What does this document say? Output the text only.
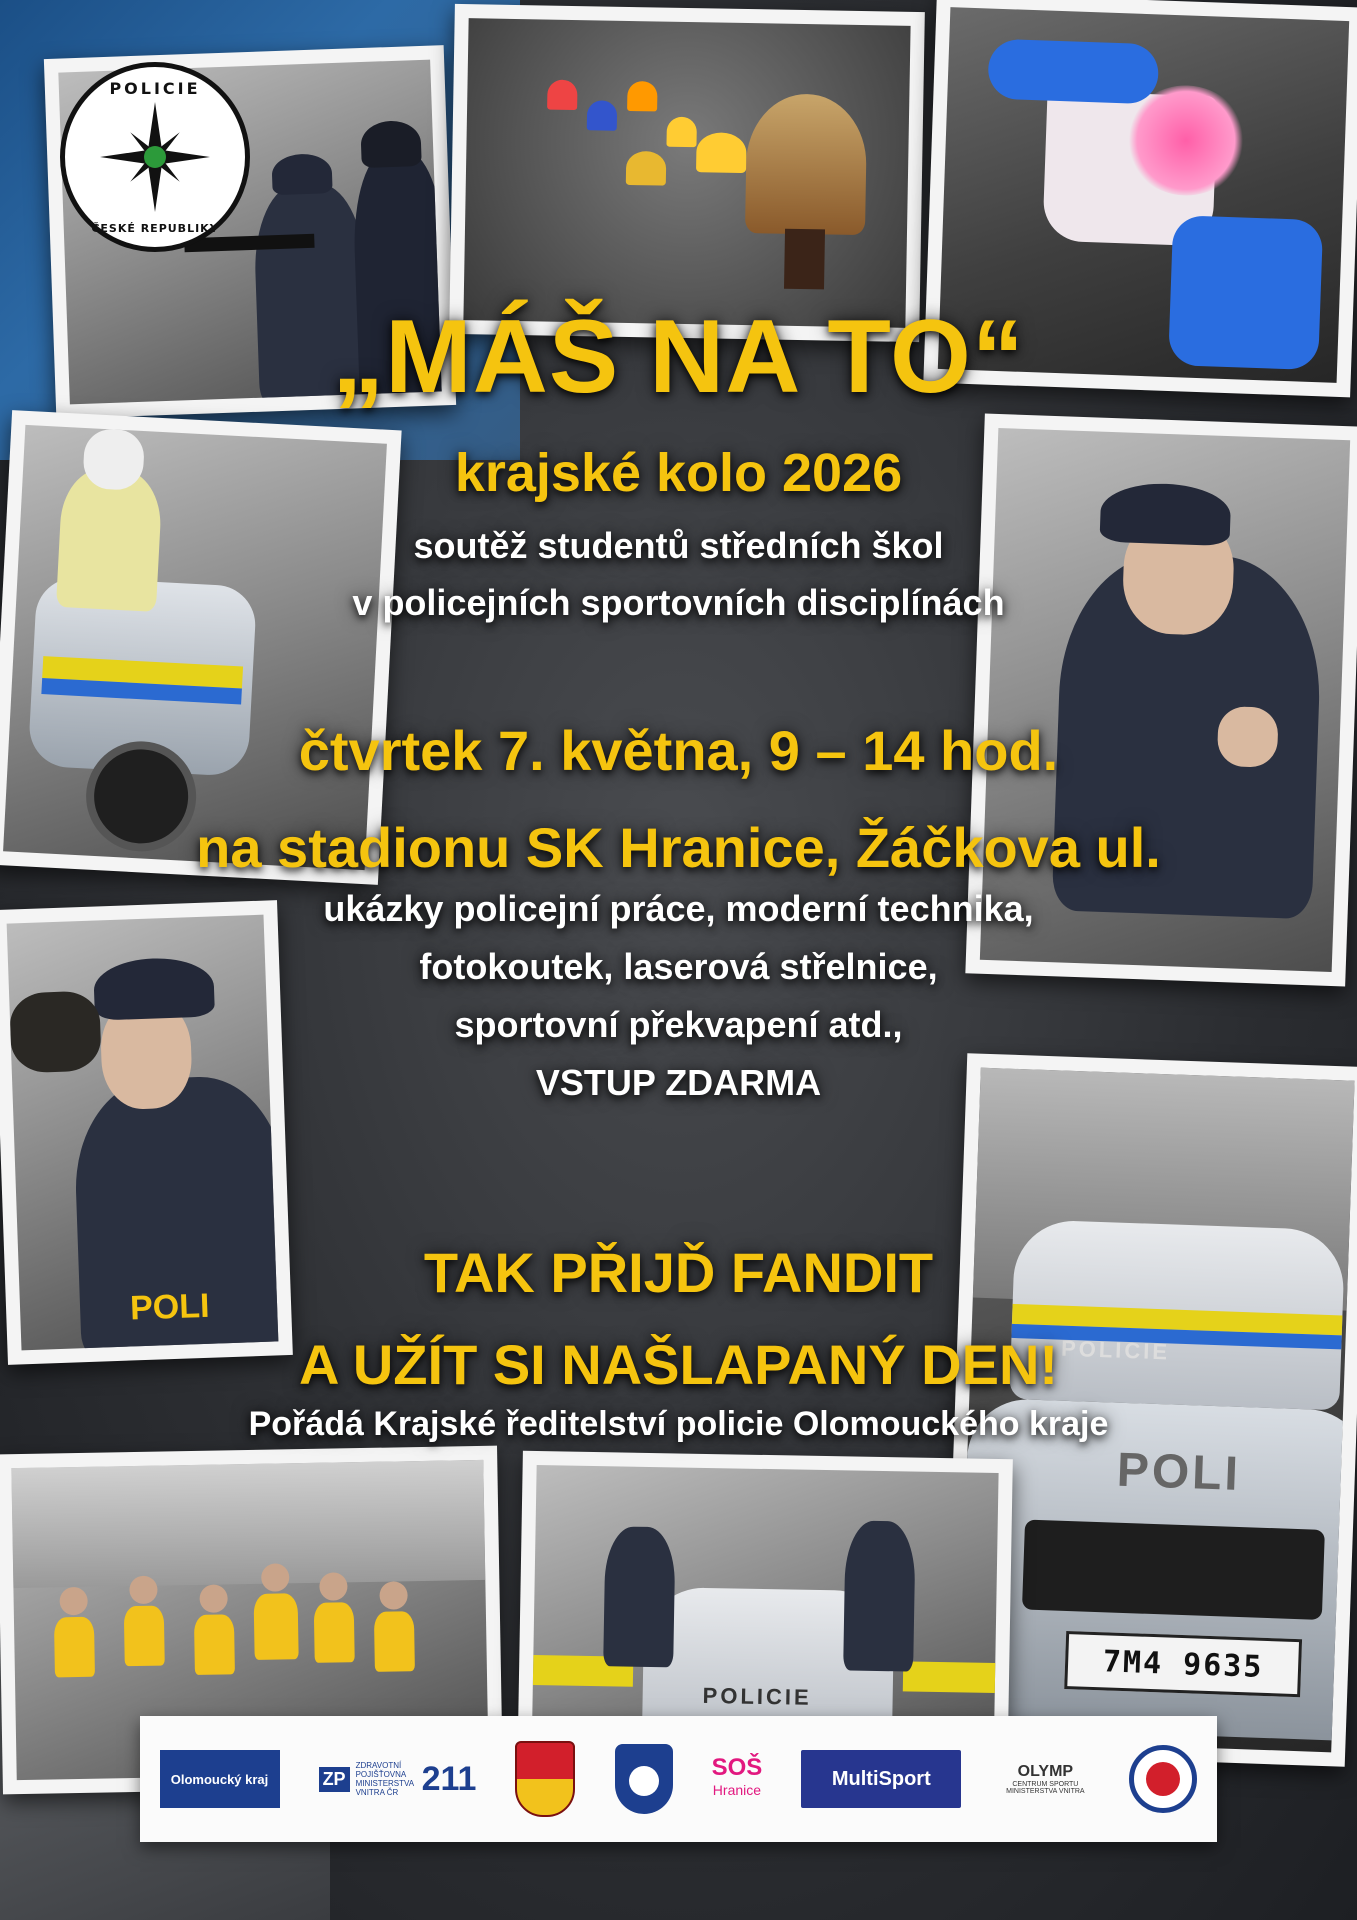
POLICIE
ČESKÉ REPUBLIKY
POLI
POLICIE
POLI
7M4 9635
POLICIE
„MÁŠ NA TO“
krajské kolo 2026
soutěž studentů středních škol
v policejních sportovních disciplínách
čtvrtek 7. května, 9 – 14 hod.
na stadionu SK Hranice, Žáčkova ul.
ukázky policejní práce, moderní technika,
fotokoutek, laserová střelnice,
sportovní překvapení atd.,
VSTUP ZDARMA
TAK PŘIJĎ FANDIT
A UŽÍT SI NAŠLAPANÝ DEN!
Pořádá Krajské ředitelství policie Olomouckého kraje
Olomoucký kraj	ZP
ZDRAVOTNÍ POJIŠŤOVNA MINISTERSTVA VNITRA ČR 211	SOŠ
Hranice
MultiSport	OLYMP
CENTRUM SPORTU MINISTERSTVA VNITRA
